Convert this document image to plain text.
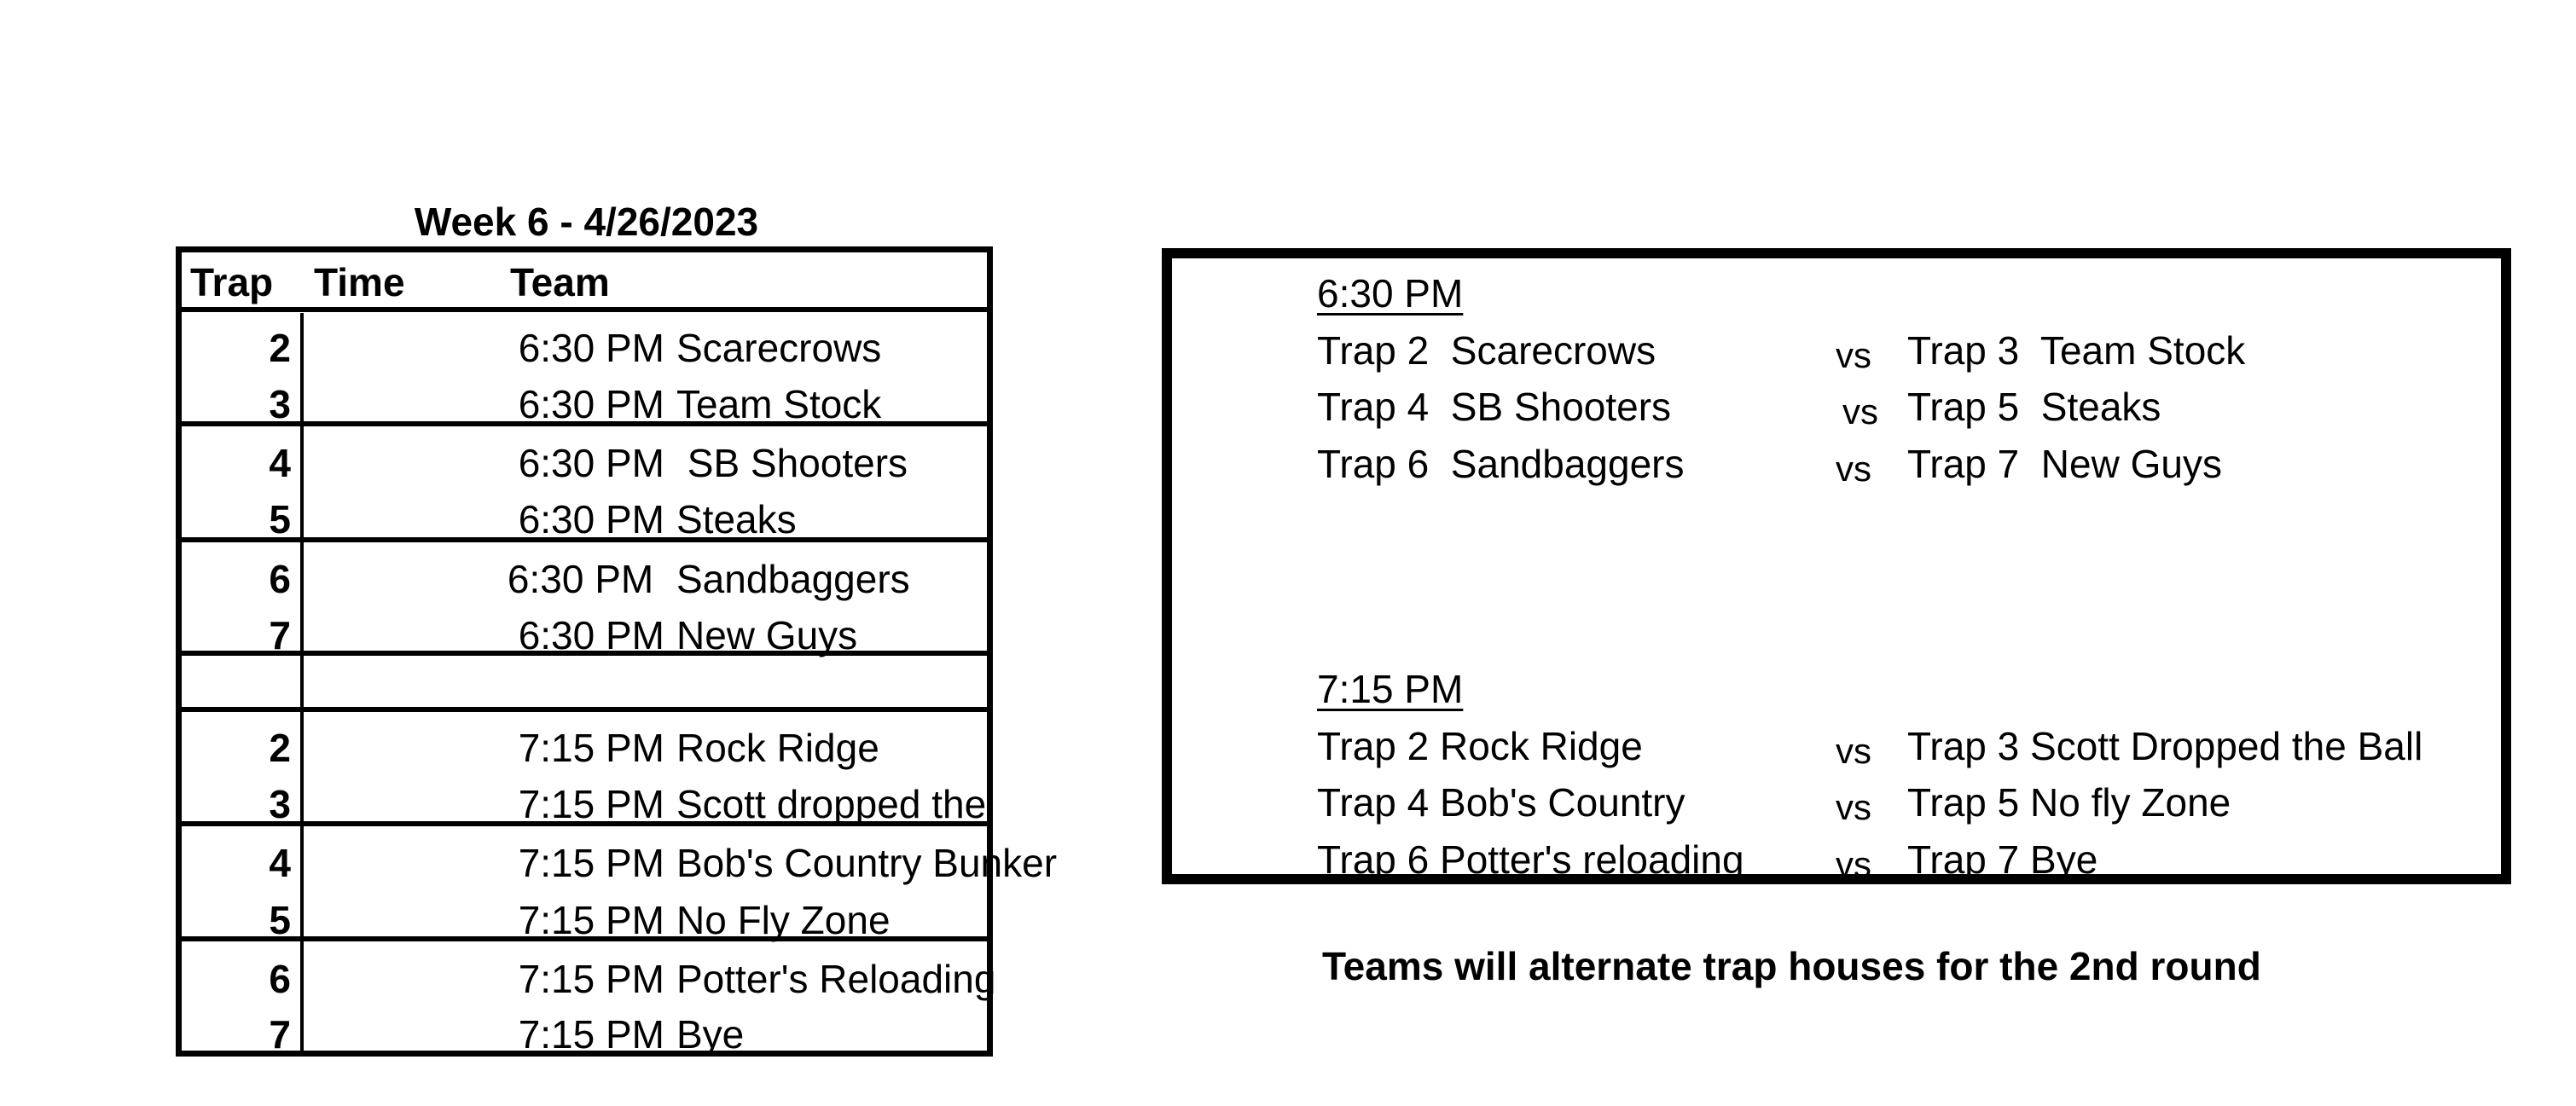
Week 6 - 4/26/2023
Trap Time	Team
2	6:30 PM Scarecrows
3	6:30 PM Team Stock
4	6:30 PM SB Shooters
5	6:30 PM Steaks
6	6:30 PM Sandbaggers
7	6:30 PM New Guys
2	7:15 PM Rock Ridge
3	7:15 PM Scott dropped the
4	7:15 PM Bob's Country Bunker
5	7:15 PM No Fly Zone
6	7:15 PM Potter's Reloading
7	7:15 PM Bye
6:30 PM
Trap 2  Scarecrows	vs Trap 3  Team Stock
Trap 4  SB Shooters	vs Trap 5  Steaks
Trap 6  Sandbaggers	vs Trap 7  New Guys
7:15 PM
Trap 2 Rock Ridge	vs Trap 3 Scott Dropped the Ball
Trap 4 Bob's Country	vs Trap 5 No fly Zone
Trap 6 Potter's reloading	vs Trap 7 Bye
Teams will alternate trap houses for the 2nd round
